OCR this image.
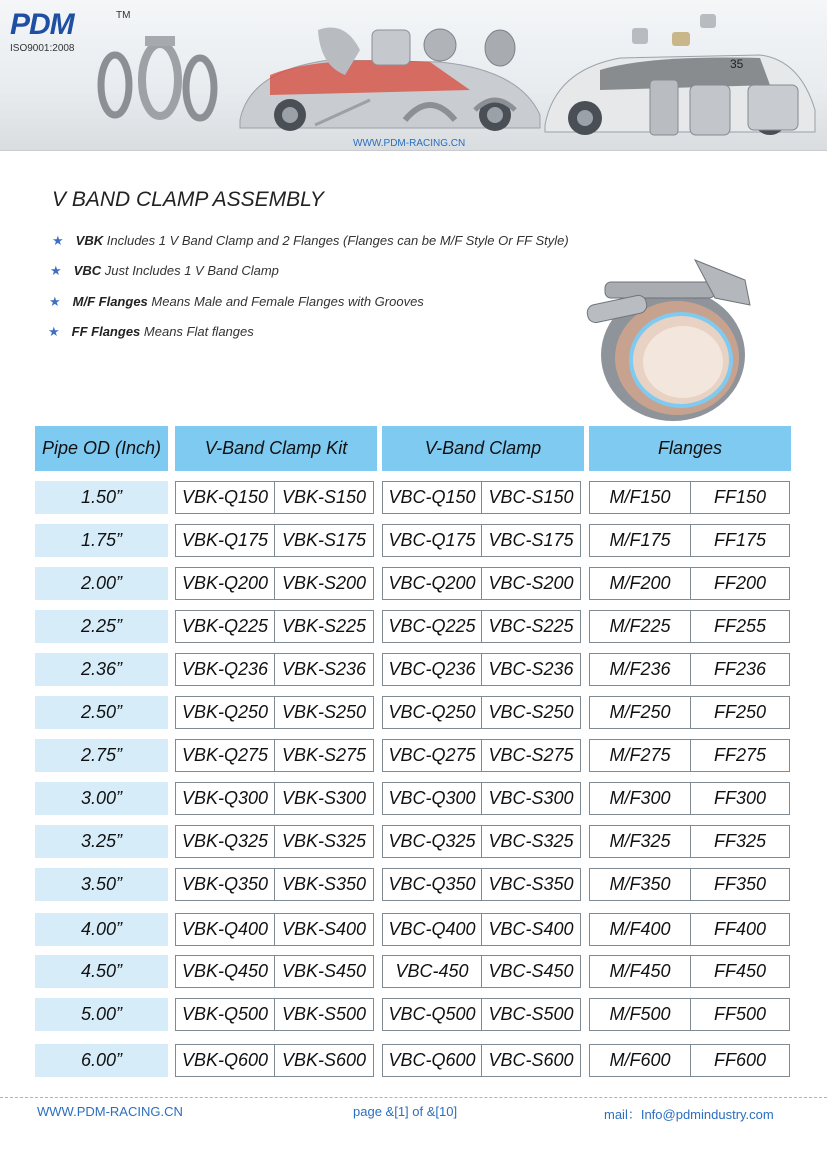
35
PDM	TM
ISO9001:2008
WWW.PDM-RACING.CN
V BAND CLAMP ASSEMBLY
★ VBK Includes 1 V Band Clamp and 2 Flanges (Flanges can be M/F Style Or FF Style)
★ VBC Just Includes 1 V Band Clamp
★ M/F Flanges Means Male and Female Flanges with Grooves
★ FF Flanges Means Flat flanges
Pipe OD (Inch)	V-Band Clamp Kit	V-Band Clamp	Flanges
1.50”	VBK-Q150 VBK-S150	VBC-Q150 VBC-S150	M/F150	FF150
1.75”	VBK-Q175 VBK-S175	VBC-Q175 VBC-S175	M/F175	FF175
2.00”	VBK-Q200 VBK-S200	VBC-Q200 VBC-S200	M/F200	FF200
2.25”	VBK-Q225 VBK-S225	VBC-Q225 VBC-S225	M/F225	FF255
2.36”	VBK-Q236 VBK-S236	VBC-Q236 VBC-S236	M/F236	FF236
2.50”	VBK-Q250 VBK-S250	VBC-Q250 VBC-S250	M/F250	FF250
2.75”	VBK-Q275 VBK-S275	VBC-Q275 VBC-S275	M/F275	FF275
3.00”	VBK-Q300 VBK-S300	VBC-Q300 VBC-S300	M/F300	FF300
3.25”	VBK-Q325 VBK-S325	VBC-Q325 VBC-S325	M/F325	FF325
3.50”	VBK-Q350 VBK-S350	VBC-Q350 VBC-S350	M/F350	FF350
4.00”	VBK-Q400 VBK-S400	VBC-Q400 VBC-S400	M/F400	FF400
4.50”	VBK-Q450 VBK-S450	VBC-450	VBC-S450	M/F450	FF450
5.00”	VBK-Q500 VBK-S500	VBC-Q500 VBC-S500	M/F500	FF500
6.00”	VBK-Q600 VBK-S600	VBC-Q600 VBC-S600	M/F600	FF600
WWW.PDM-RACING.CN	page &[1] of &[10]	mail：Info@pdmindustry.com
